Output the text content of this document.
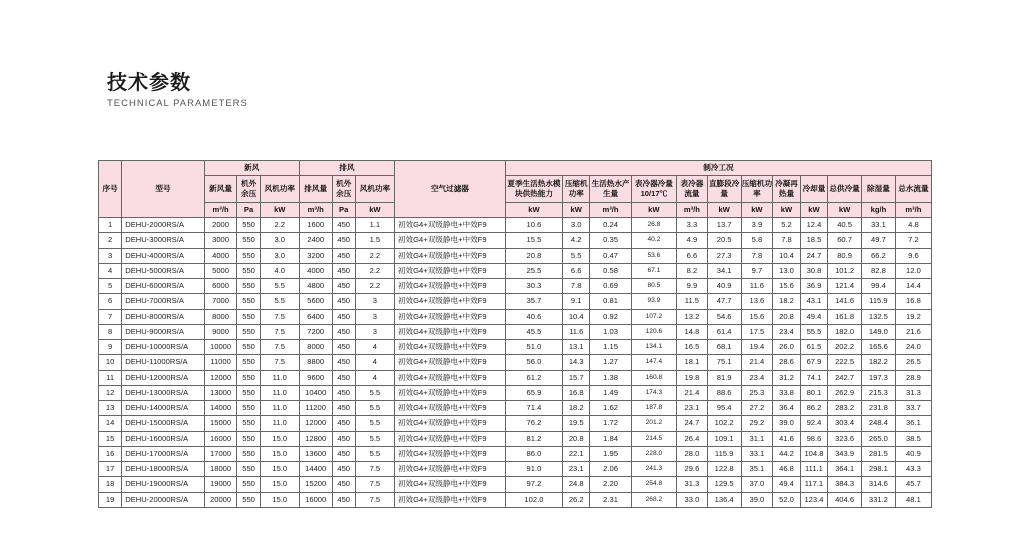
技术参数
TECHNICAL PARAMETERS
序号	型号	新风			排风			空气过滤器	制冷工况											
		新风量	机外余压	风机功率	排风量	机外余压	风机功率		夏季生活热水模块供热能力	压缩机功率	生活热水产生量	表冷器冷量10/17℃	表冷器流量	直膨段冷量	压缩机功率	冷凝再热量	冷却量	总供冷量	除湿量	总水流量
		m³/h	Pa	kW	m³/h	Pa	kW		kW	kW	m³/h	kW	m³/h	kW	kW	kW	kW	kW	kg/h	m³/h
1	DEHU-2000RS/A	2000	550	2.2	1600	450	1.1	初效G4+双级静电+中效F9	10.6	3.0	0.24	26.8	3.3	13.7	3.9	5.2	12.4	40.5	33.1	4.8
2	DEHU-3000RS/A	3000	550	3.0	2400	450	1.5	初效G4+双级静电+中效F9	15.5	4.2	0.35	40.2	4.9	20.5	5.8	7.8	18.5	60.7	49.7	7.2
3	DEHU-4000RS/A	4000	550	3.0	3200	450	2.2	初效G4+双级静电+中效F9	20.8	5.5	0.47	53.6	6.6	27.3	7.8	10.4	24.7	80.9	66.2	9.6
4	DEHU-5000RS/A	5000	550	4.0	4000	450	2.2	初效G4+双级静电+中效F9	25.5	6.6	0.58	67.1	8.2	34.1	9.7	13.0	30.8	101.2	82.8	12.0
5	DEHU-6000RS/A	6000	550	5.5	4800	450	2.2	初效G4+双级静电+中效F9	30.3	7.8	0.69	80.5	9.9	40.9	11.6	15.6	36.9	121.4	99.4	14.4
6	DEHU-7000RS/A	7000	550	5.5	5600	450	3	初效G4+双级静电+中效F9	35.7	9.1	0.81	93.9	11.5	47.7	13.6	18.2	43.1	141.6	115.9	16.8
7	DEHU-8000RS/A	8000	550	7.5	6400	450	3	初效G4+双级静电+中效F9	40.6	10.4	0.92	107.2	13.2	54.6	15.6	20.8	49.4	161.8	132.5	19.2
8	DEHU-9000RS/A	9000	550	7.5	7200	450	3	初效G4+双级静电+中效F9	45.5	11.6	1.03	120.6	14.8	61.4	17.5	23.4	55.5	182.0	149.0	21.6
9	DEHU-10000RS/A	10000	550	7.5	8000	450	4	初效G4+双级静电+中效F9	51.0	13.1	1.15	134.1	16.5	68.1	19.4	26.0	61.5	202.2	165.6	24.0
10	DEHU-11000RS/A	11000	550	7.5	8800	450	4	初效G4+双级静电+中效F9	56.0	14.3	1.27	147.4	18.1	75.1	21.4	28.6	67.9	222.5	182.2	26.5
11	DEHU-12000RS/A	12000	550	11.0	9600	450	4	初效G4+双级静电+中效F9	61.2	15.7	1.38	160.8	19.8	81.9	23.4	31.2	74.1	242.7	197.3	28.9
12	DEHU-13000RS/A	13000	550	11.0	10400	450	5.5	初效G4+双级静电+中效F9	65.9	16.8	1.49	174.3	21.4	88.6	25.3	33.8	80.1	262.9	215.3	31.3
13	DEHU-14000RS/A	14000	550	11.0	11200	450	5.5	初效G4+双级静电+中效F9	71.4	18.2	1.62	187.8	23.1	95.4	27.2	36.4	86.2	283.2	231.8	33.7
14	DEHU-15000RS/A	15000	550	11.0	12000	450	5.5	初效G4+双级静电+中效F9	76.2	19.5	1.72	201.2	24.7	102.2	29.2	39.0	92.4	303.4	248.4	36.1
15	DEHU-16000RS/A	16000	550	15.0	12800	450	5.5	初效G4+双级静电+中效F9	81.2	20.8	1.84	214.5	26.4	109.1	31.1	41.6	98.6	323.6	265.0	38.5
16	DEHU-17000RS/A	17000	550	15.0	13600	450	5.5	初效G4+双级静电+中效F9	86.0	22.1	1.95	228.0	28.0	115.9	33.1	44.2	104.8	343.9	281.5	40.9
17	DEHU-18000RS/A	18000	550	15.0	14400	450	7.5	初效G4+双级静电+中效F9	91.0	23.1	2.06	241.3	29.6	122.8	35.1	46.8	111.1	364.1	298.1	43.3
18	DEHU-19000RS/A	19000	550	15.0	15200	450	7.5	初效G4+双级静电+中效F9	97.2	24.8	2.20	254.8	31.3	129.5	37.0	49.4	117.1	384.3	314.6	45.7
19	DEHU-20000RS/A	20000	550	15.0	16000	450	7.5	初效G4+双级静电+中效F9	102.0	26.2	2.31	268.2	33.0	136.4	39.0	52.0	123.4	404.6	331.2	48.1
